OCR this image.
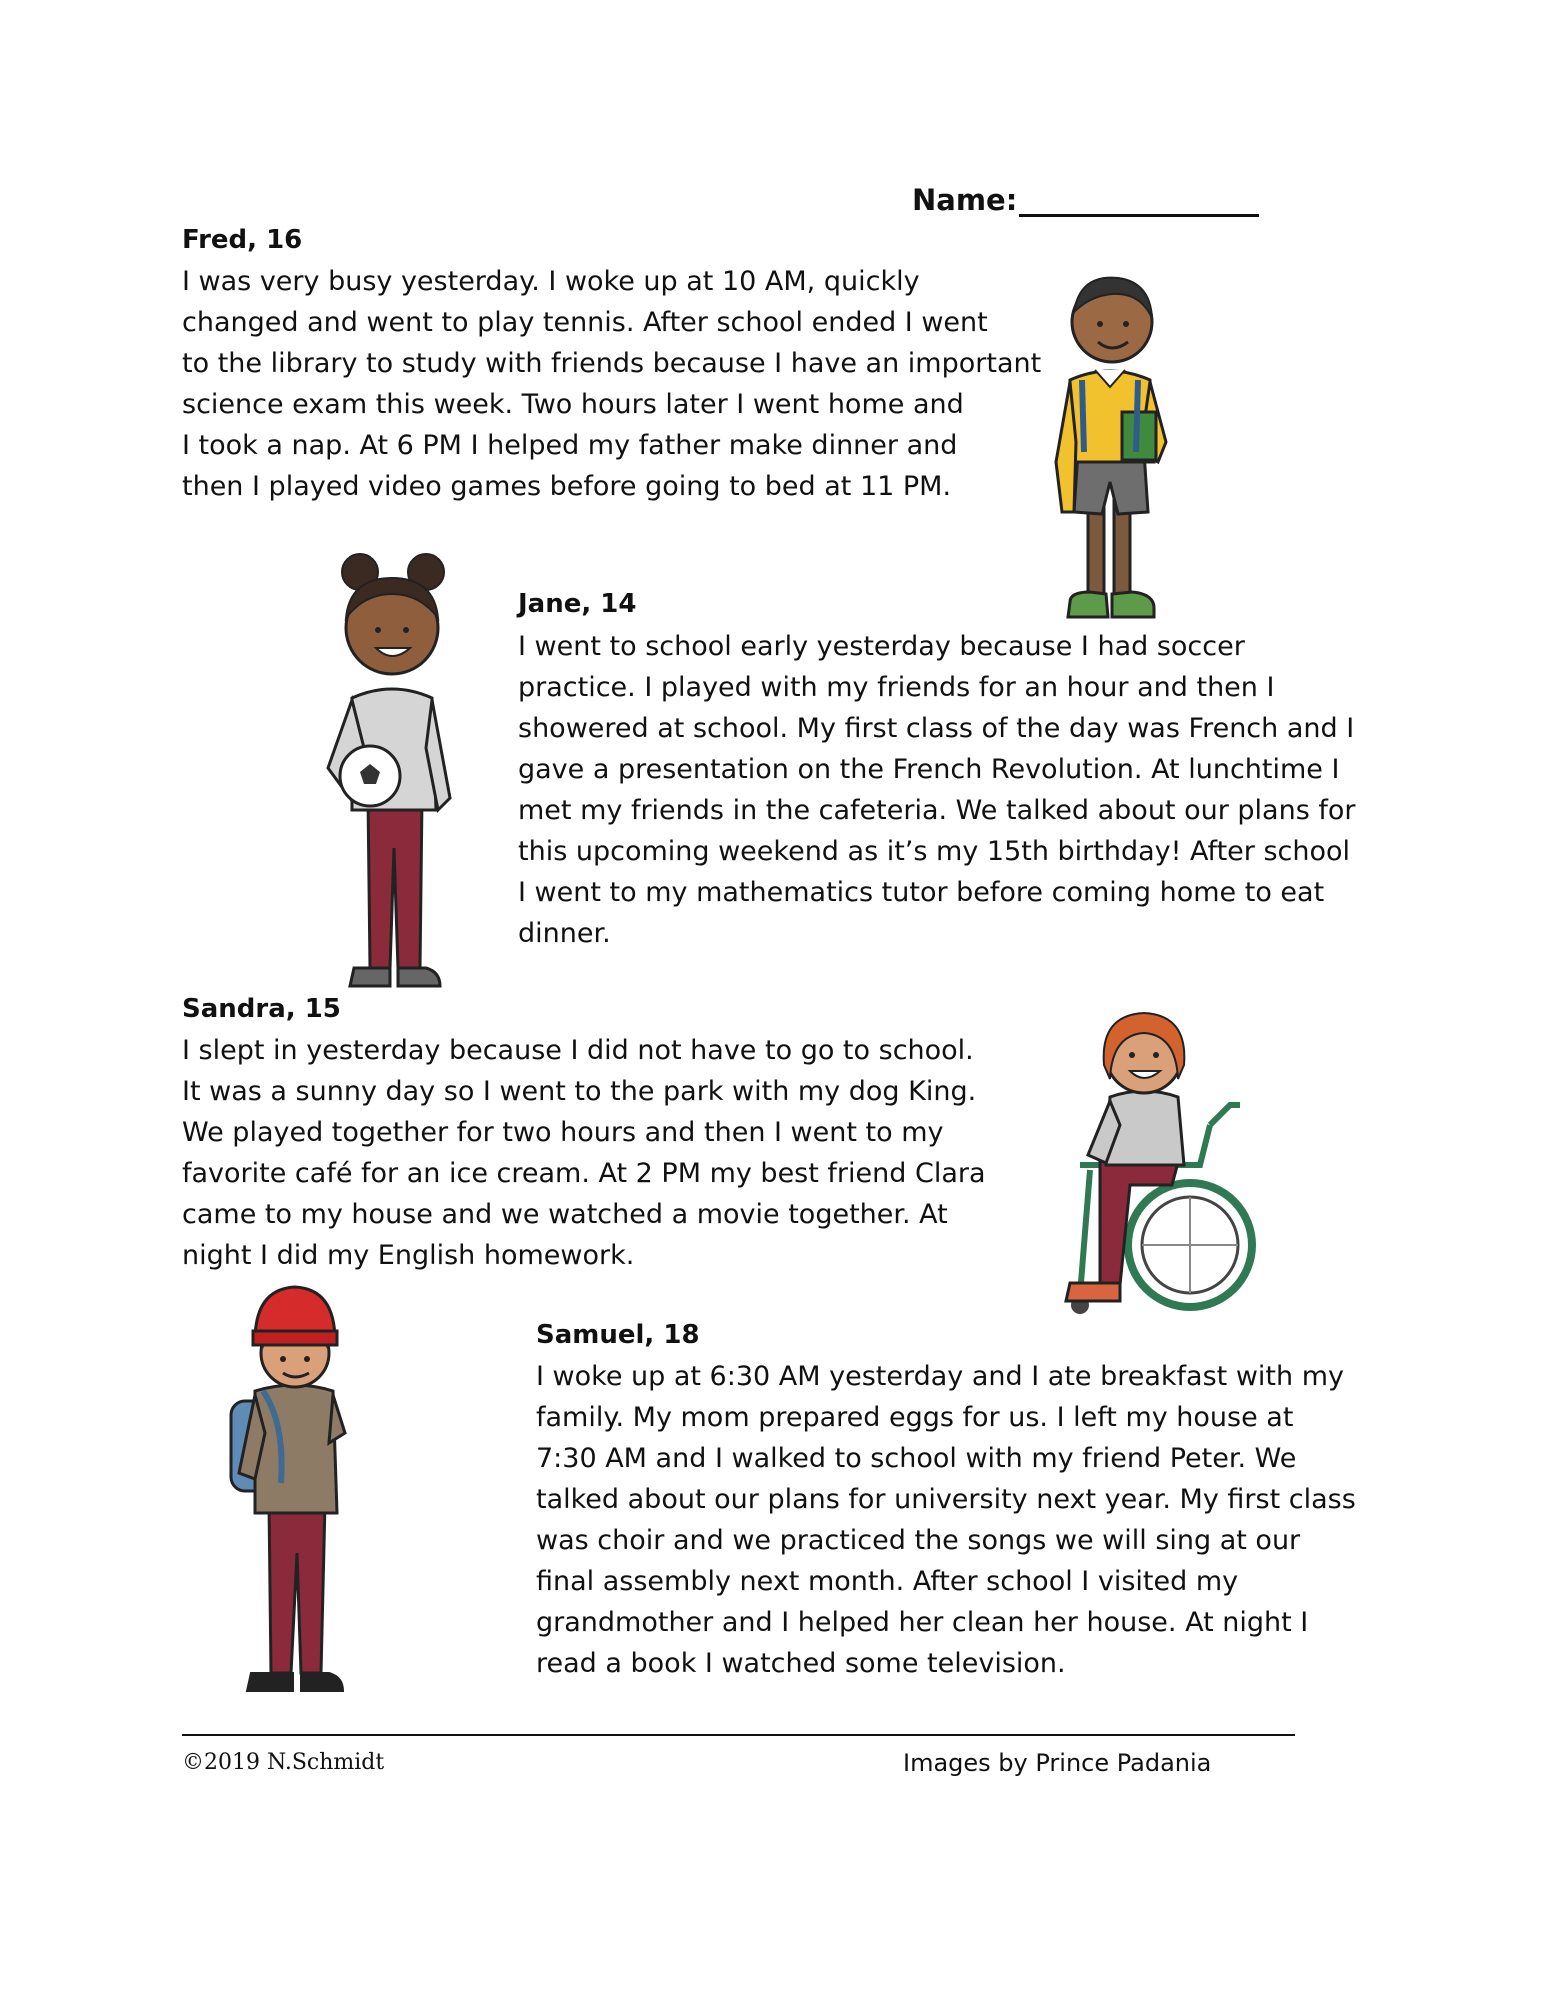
Name:
Fred, 16

I was very busy yesterday. I woke up at 10 AM, quickly
changed and went to play tennis. After school ended I went
to the library to study with friends because I have an important
science exam this week. Two hours later I went home and
I took a nap. At 6 PM I helped my father make dinner and
then I played video games before going to bed at 11 PM.

Jane, 14

I went to school early yesterday because I had soccer
practice. I played with my friends for an hour and then I
showered at school. My first class of the day was French and I
gave a presentation on the French Revolution. At lunchtime I
met my friends in the cafeteria. We talked about our plans for
this upcoming weekend as it’s my 15th birthday! After school
I went to my mathematics tutor before coming home to eat
dinner.

Sandra, 15

I slept in yesterday because I did not have to go to school.
It was a sunny day so I went to the park with my dog King.
We played together for two hours and then I went to my
favorite café for an ice cream. At 2 PM my best friend Clara
came to my house and we watched a movie together. At
night I did my English homework.

Samuel, 18

I woke up at 6:30 AM yesterday and I ate breakfast with my
family. My mom prepared eggs for us. I left my house at
7:30 AM and I walked to school with my friend Peter. We
talked about our plans for university next year. My first class
was choir and we practiced the songs we will sing at our
final assembly next month. After school I visited my
grandmother and I helped her clean her house. At night I
read a book I watched some television.

©2019 N.Schmidt	Images by Prince Padania
